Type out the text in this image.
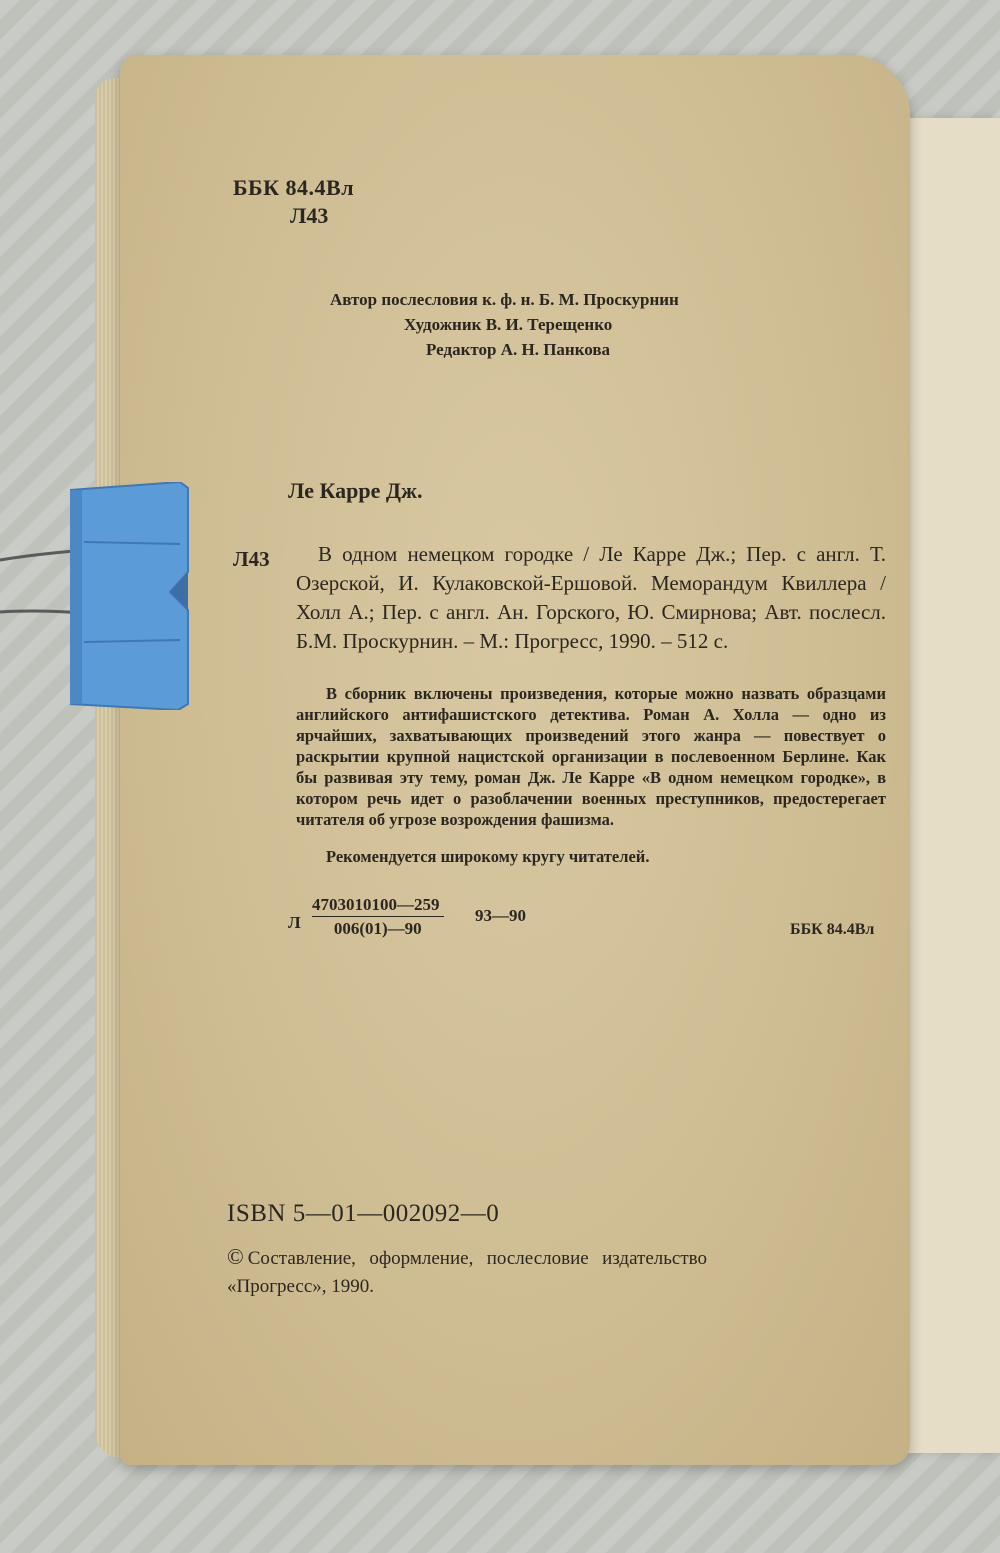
ББК 84.4Вл
Л43
Автор послесловия к. ф. н. Б. М. Проскурнин
Художник В. И. Терещенко
Редактор А. Н. Панкова
Ле Карре Дж.
Л43	В одном немецком городке / Ле Карре Дж.; Пер. с англ. Т. Озерской, И. Кулаковской-Ершовой. Меморандум Квиллера / Холл А.; Пер. с англ. Ан. Горского, Ю. Смирнова; Авт. послесл. Б.М. Проскурнин. – М.: Прогресс, 1990. – 512 с.
В сборник включены произведения, которые можно назвать образцами английского антифашистского детектива. Роман А. Холла — одно из ярчайших, захватывающих произведений этого жанра — повествует о раскрытии крупной нацистской организации в послевоенном Берлине. Как бы развивая эту тему, роман Дж. Ле Карре «В одном немецком городке», в котором речь идет о разоблачении военных преступников, предостерегает читателя об угрозе возрождения фашизма.
Рекомендуется широкому кругу читателей.
Л $\frac{4703010100—259}{006(01)—90}$ 93—90
ББК 84.4Вл
ISBN 5—01—002092—0
© Составление, оформление, послесловие издательство «Прогресс», 1990.
